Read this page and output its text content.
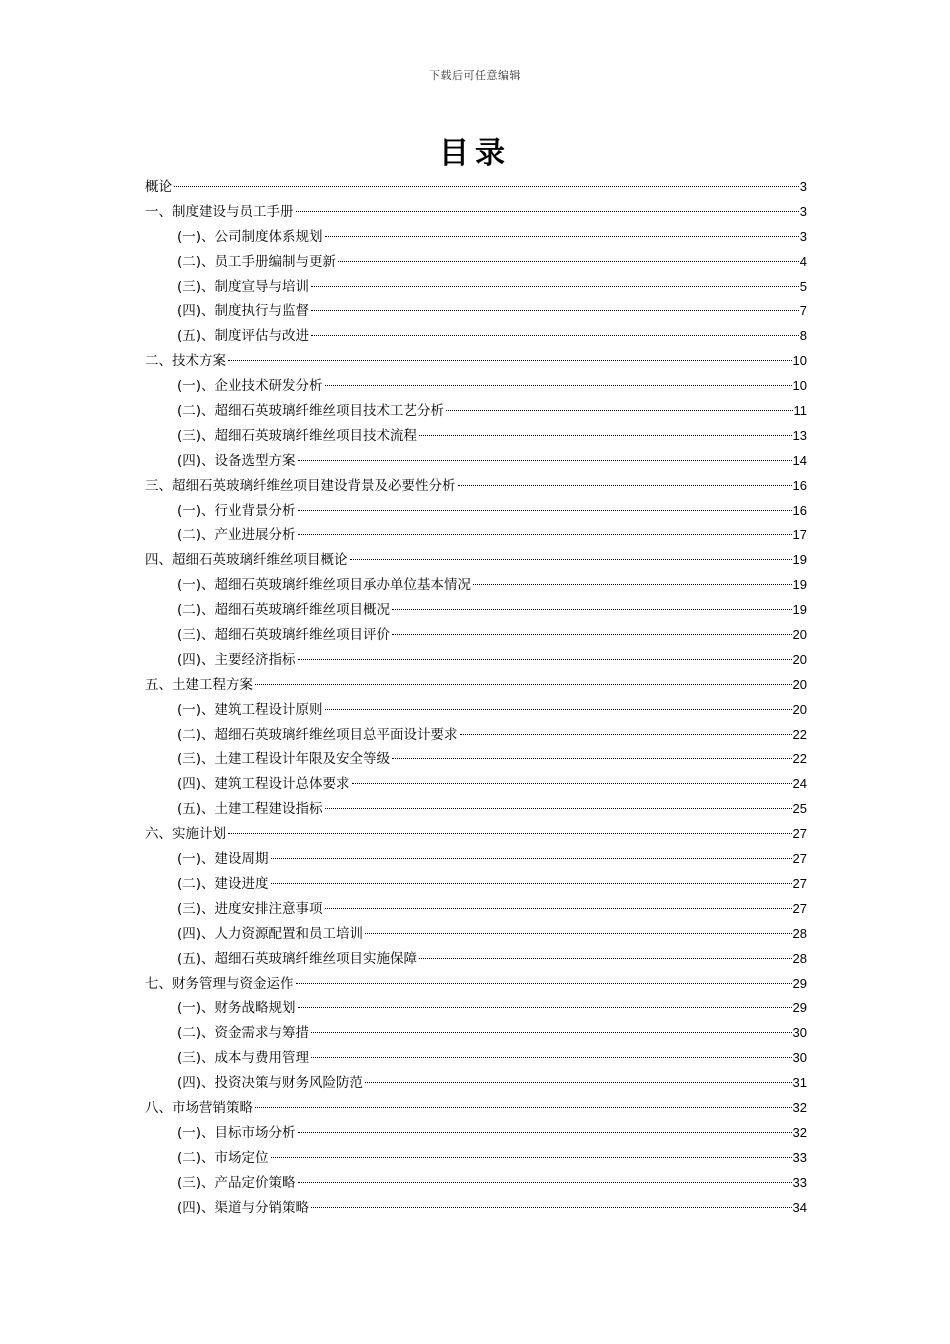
下载后可任意编辑
目录
概论	3
一、制度建设与员工手册	3
(一)、公司制度体系规划	3
(二)、员工手册编制与更新	4
(三)、制度宣导与培训	5
(四)、制度执行与监督	7
(五)、制度评估与改进	8
二、技术方案	10
(一)、企业技术研发分析	10
(二)、超细石英玻璃纤维丝项目技术工艺分析	11
(三)、超细石英玻璃纤维丝项目技术流程	13
(四)、设备选型方案	14
三、超细石英玻璃纤维丝项目建设背景及必要性分析	16
(一)、行业背景分析	16
(二)、产业进展分析	17
四、超细石英玻璃纤维丝项目概论	19
(一)、超细石英玻璃纤维丝项目承办单位基本情况	19
(二)、超细石英玻璃纤维丝项目概况	19
(三)、超细石英玻璃纤维丝项目评价	20
(四)、主要经济指标	20
五、土建工程方案	20
(一)、建筑工程设计原则	20
(二)、超细石英玻璃纤维丝项目总平面设计要求	22
(三)、土建工程设计年限及安全等级	22
(四)、建筑工程设计总体要求	24
(五)、土建工程建设指标	25
六、实施计划	27
(一)、建设周期	27
(二)、建设进度	27
(三)、进度安排注意事项	27
(四)、人力资源配置和员工培训	28
(五)、超细石英玻璃纤维丝项目实施保障	28
七、财务管理与资金运作	29
(一)、财务战略规划	29
(二)、资金需求与筹措	30
(三)、成本与费用管理	30
(四)、投资决策与财务风险防范	31
八、市场营销策略	32
(一)、目标市场分析	32
(二)、市场定位	33
(三)、产品定价策略	33
(四)、渠道与分销策略	34
